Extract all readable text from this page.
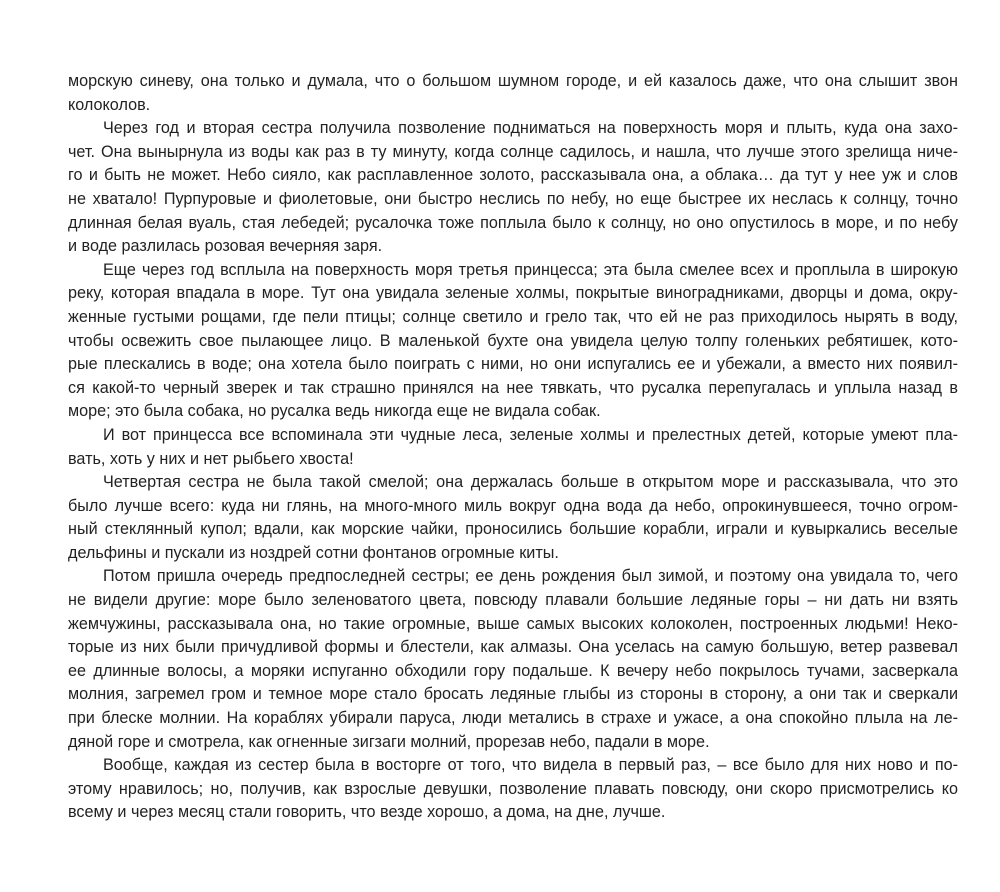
морскую синеву, она только и думала, что о большом шумном городе, и ей казалось даже, что она слышит звон
колоколов.
Через год и вторая сестра получила позволение подниматься на поверхность моря и плыть, куда она захо-
чет. Она вынырнула из воды как раз в ту минуту, когда солнце садилось, и нашла, что лучше этого зрелища ниче-
го и быть не может. Небо сияло, как расплавленное золото, рассказывала она, а облака… да тут у нее уж и слов
не хватало! Пурпуровые и фиолетовые, они быстро неслись по небу, но еще быстрее их неслась к солнцу, точно
длинная белая вуаль, стая лебедей; русалочка тоже поплыла было к солнцу, но оно опустилось в море, и по небу
и воде разлилась розовая вечерняя заря.
Еще через год всплыла на поверхность моря третья принцесса; эта была смелее всех и проплыла в широкую
реку, которая впадала в море. Тут она увидала зеленые холмы, покрытые виноградниками, дворцы и дома, окру-
женные густыми рощами, где пели птицы; солнце светило и грело так, что ей не раз приходилось нырять в воду,
чтобы освежить свое пылающее лицо. В маленькой бухте она увидела целую толпу голеньких ребятишек, кото-
рые плескались в воде; она хотела было поиграть с ними, но они испугались ее и убежали, а вместо них появил-
ся какой-то черный зверек и так страшно принялся на нее тявкать, что русалка перепугалась и уплыла назад в
море; это была собака, но русалка ведь никогда еще не видала собак.
И вот принцесса все вспоминала эти чудные леса, зеленые холмы и прелестных детей, которые умеют пла-
вать, хоть у них и нет рыбьего хвоста!
Четвертая сестра не была такой смелой; она держалась больше в открытом море и рассказывала, что это
было лучше всего: куда ни глянь, на много-много миль вокруг одна вода да небо, опрокинувшееся, точно огром-
ный стеклянный купол; вдали, как морские чайки, проносились большие корабли, играли и кувыркались веселые
дельфины и пускали из ноздрей сотни фонтанов огромные киты.
Потом пришла очередь предпоследней сестры; ее день рождения был зимой, и поэтому она увидала то, чего
не видели другие: море было зеленоватого цвета, повсюду плавали большие ледяные горы – ни дать ни взять
жемчужины, рассказывала она, но такие огромные, выше самых высоких колоколен, построенных людьми! Неко-
торые из них были причудливой формы и блестели, как алмазы. Она уселась на самую большую, ветер развевал
ее длинные волосы, а моряки испуганно обходили гору подальше. К вечеру небо покрылось тучами, засверкала
молния, загремел гром и темное море стало бросать ледяные глыбы из стороны в сторону, а они так и сверкали
при блеске молнии. На кораблях убирали паруса, люди метались в страхе и ужасе, а она спокойно плыла на ле-
дяной горе и смотрела, как огненные зигзаги молний, прорезав небо, падали в море.
Вообще, каждая из сестер была в восторге от того, что видела в первый раз, – все было для них ново и по-
этому нравилось; но, получив, как взрослые девушки, позволение плавать повсюду, они скоро присмотрелись ко
всему и через месяц стали говорить, что везде хорошо, а дома, на дне, лучше.
